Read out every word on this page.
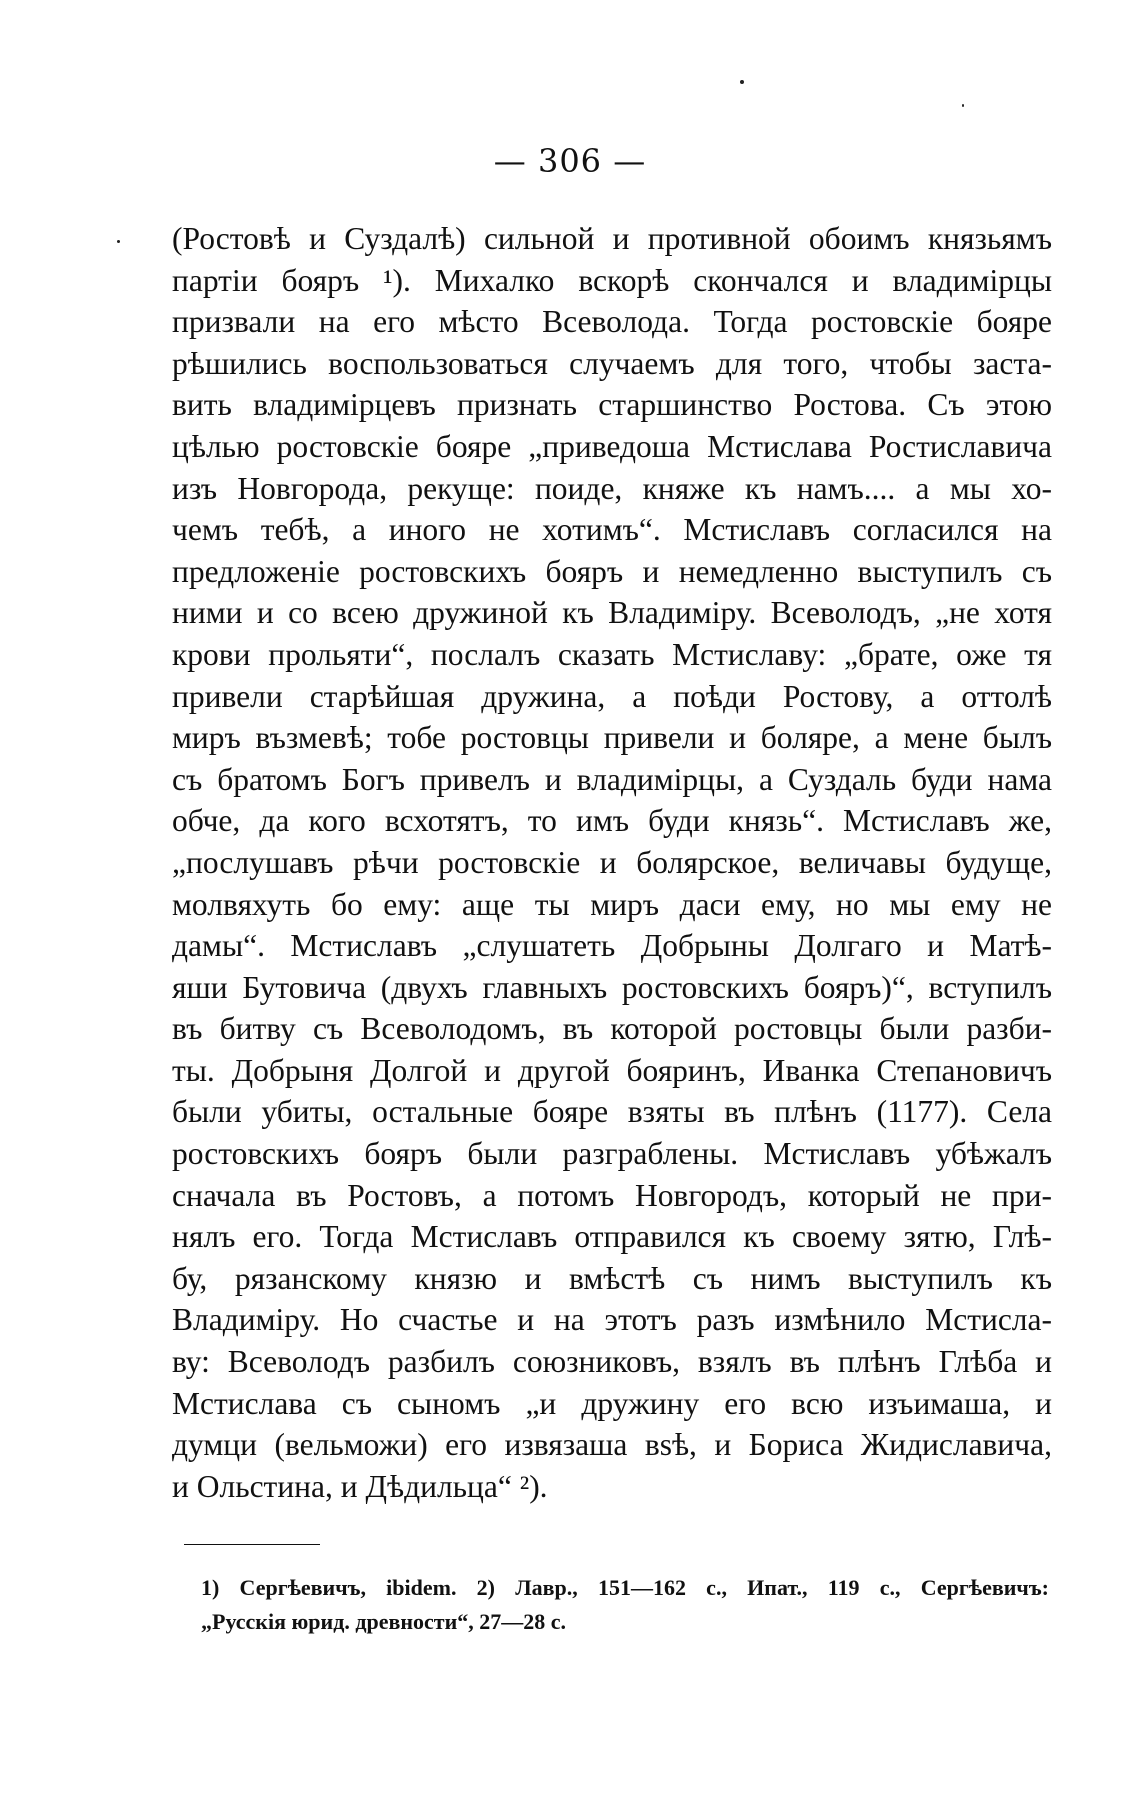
— 306 —
(Ростовѣ и Суздалѣ) сильной и противной обоимъ князьямъ
партіи бояръ ¹). Михалко вскорѣ скончался и владимірцы
призвали на его мѣсто Всеволода. Тогда ростовскіе бояре
рѣшились воспользоваться случаемъ для того, чтобы заста-
вить владимірцевъ признать старшинство Ростова. Съ этою
цѣлью ростовскіе бояре „приведоша Мстислава Ростиславича
изъ Новгорода, рекуще: поиде, княже къ намъ.... а мы хо-
чемъ тебѣ, а иного не хотимъ“. Мстиславъ согласился на
предложеніе ростовскихъ бояръ и немедленно выступилъ съ
ними и со всею дружиной къ Владиміру. Всеволодъ, „не хотя
крови прольяти“, послалъ сказать Мстиславу: „брате, оже тя
привели старѣйшая дружина, а поѣди Ростову, а оттолѣ
миръ възмевѣ; тобе ростовцы привели и боляре, а мене былъ
съ братомъ Богъ привелъ и владимірцы, а Суздаль буди нама
обче, да кого всхотятъ, то имъ буди князь“. Мстиславъ же,
„послушавъ рѣчи ростовскіе и болярское, величавы будуще,
молвяхуть бо ему: аще ты миръ даси ему, но мы ему не
дамы“. Мстиславъ „слушатеть Добрыны Долгаго и Матѣ-
яши Бутовича (двухъ главныхъ ростовскихъ бояръ)“, вступилъ
въ битву съ Всеволодомъ, въ которой ростовцы были разби-
ты. Добрыня Долгой и другой бояринъ, Иванка Степановичъ
были убиты, остальные бояре взяты въ плѣнъ (1177). Села
ростовскихъ бояръ были разграблены. Мстиславъ убѣжалъ
сначала въ Ростовъ, а потомъ Новгородъ, который не при-
нялъ его. Тогда Мстиславъ отправился къ своему зятю, Глѣ-
бу, рязанскому князю и вмѣстѣ съ нимъ выступилъ къ
Владиміру. Но счастье и на этотъ разъ измѣнило Мстисла-
ву: Всеволодъ разбилъ союзниковъ, взялъ въ плѣнъ Глѣба и
Мстислава съ сыномъ „и дружину его всю изъимаша, и
думци (вельможи) его извязаша вsѣ, и Бориса Жидиславича,
и Ольстина, и Дѣдильца“ ²).
1) Сергѣевичъ, ibidem. 2) Лавр., 151—162 с., Ипат., 119 с., Сергѣевичъ:
„Русскія юрид. древности“, 27—28 с.
